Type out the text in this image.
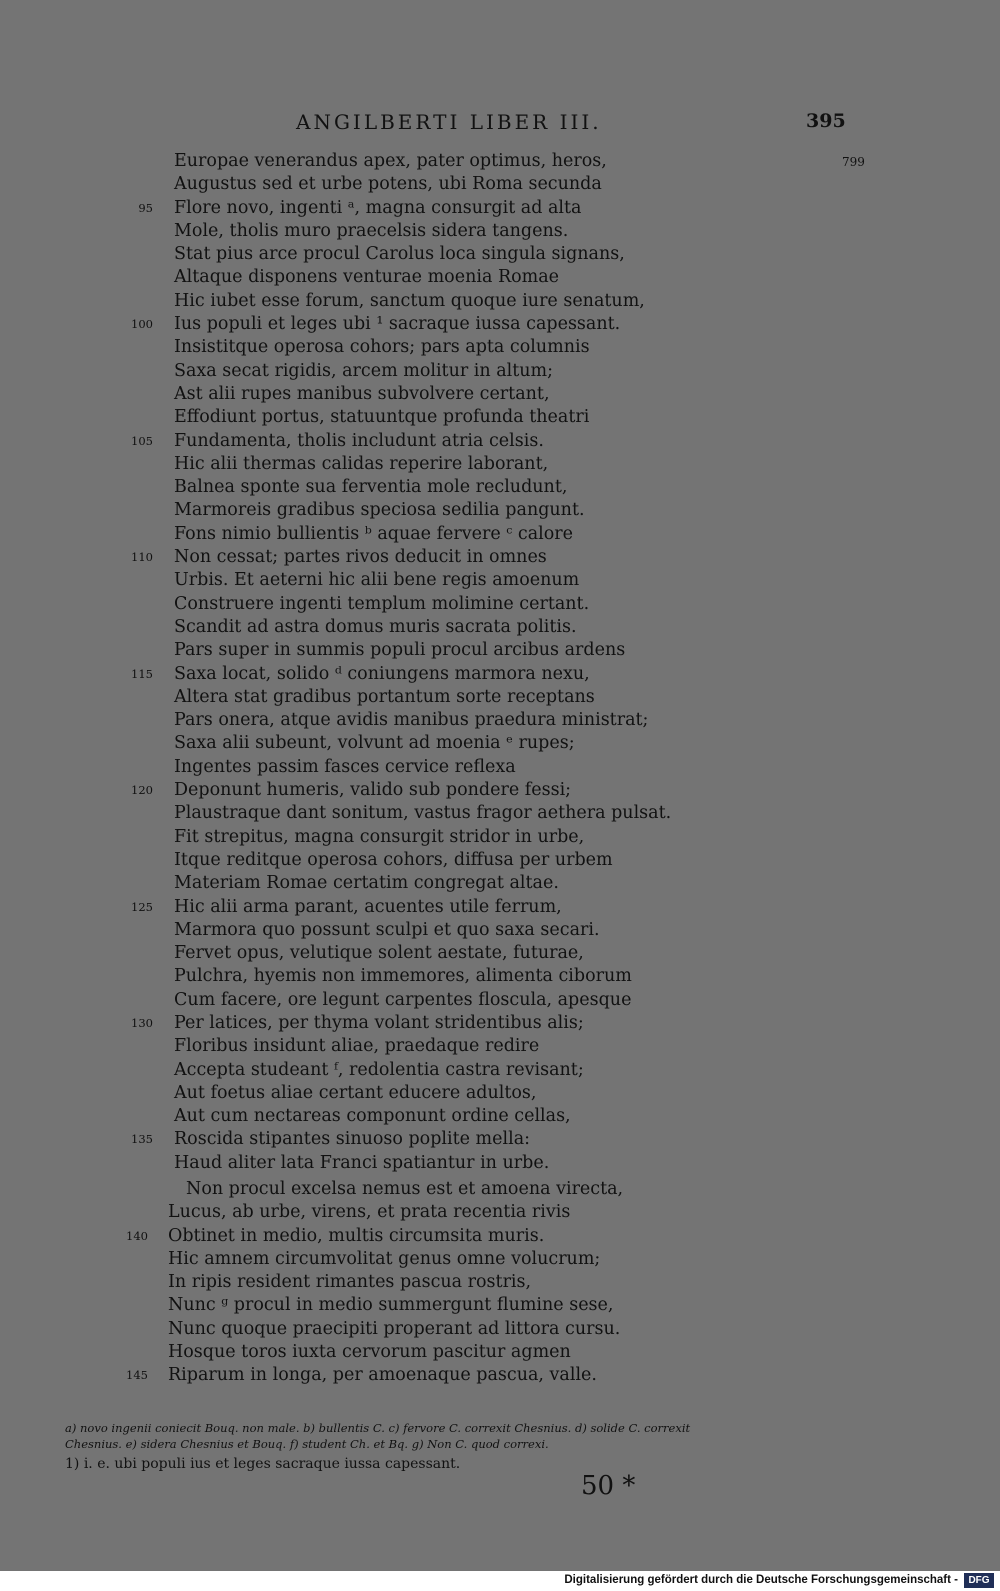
ANGILBERTI LIBER III.	395
799
Europae venerandus apex, pater optimus, heros,
Augustus sed et urbe potens, ubi Roma secunda
95 Flore novo, ingenti ᵃ, magna consurgit ad alta
Mole, tholis muro praecelsis sidera tangens.
Stat pius arce procul Carolus loca singula signans,
Altaque disponens venturae moenia Romae
Hic iubet esse forum, sanctum quoque iure senatum,
100 Ius populi et leges ubi ¹ sacraque iussa capessant.
Insistitque operosa cohors; pars apta columnis
Saxa secat rigidis, arcem molitur in altum;
Ast alii rupes manibus subvolvere certant,
Effodiunt portus, statuuntque profunda theatri
105 Fundamenta, tholis includunt atria celsis.
Hic alii thermas calidas reperire laborant,
Balnea sponte sua ferventia mole recludunt,
Marmoreis gradibus speciosa sedilia pangunt.
Fons nimio bullientis ᵇ aquae fervere ᶜ calore
110 Non cessat; partes rivos deducit in omnes
Urbis. Et aeterni hic alii bene regis amoenum
Construere ingenti templum molimine certant.
Scandit ad astra domus muris sacrata politis.
Pars super in summis populi procul arcibus ardens
115 Saxa locat, solido ᵈ coniungens marmora nexu,
Altera stat gradibus portantum sorte receptans
Pars onera, atque avidis manibus praedura ministrat;
Saxa alii subeunt, volvunt ad moenia ᵉ rupes;
Ingentes passim fasces cervice reflexa
120 Deponunt humeris, valido sub pondere fessi;
Plaustraque dant sonitum, vastus fragor aethera pulsat.
Fit strepitus, magna consurgit stridor in urbe,
Itque reditque operosa cohors, diffusa per urbem
Materiam Romae certatim congregat altae.
125 Hic alii arma parant, acuentes utile ferrum,
Marmora quo possunt sculpi et quo saxa secari.
Fervet opus, velutique solent aestate, futurae,
Pulchra, hyemis non immemores, alimenta ciborum
Cum facere, ore legunt carpentes floscula, apesque
130 Per latices, per thyma volant stridentibus alis;
Floribus insidunt aliae, praedaque redire
Accepta studeant ᶠ, redolentia castra revisant;
Aut foetus aliae certant educere adultos,
Aut cum nectareas componunt ordine cellas,
135 Roscida stipantes sinuoso poplite mella:
Haud aliter lata Franci spatiantur in urbe.
Non procul excelsa nemus est et amoena virecta,
Lucus, ab urbe, virens, et prata recentia rivis
140 Obtinet in medio, multis circumsita muris.
Hic amnem circumvolitat genus omne volucrum;
In ripis resident rimantes pascua rostris,
Nunc ᵍ procul in medio summergunt flumine sese,
Nunc quoque praecipiti properant ad littora cursu.
Hosque toros iuxta cervorum pascitur agmen
145 Riparum in longa, per amoenaque pascua, valle.
a) novo ingenii coniecit Bouq. non male. b) bullentis C. c) fervore C. correxit Chesnius. d) solide C. correxit
Chesnius. e) sidera Chesnius et Bouq. f) student Ch. et Bq. g) Non C. quod correxi.
1) i. e. ubi populi ius et leges sacraque iussa capessant.
50 *
Digitalisierung gefördert durch die Deutsche Forschungsgemeinschaft -	DFG
